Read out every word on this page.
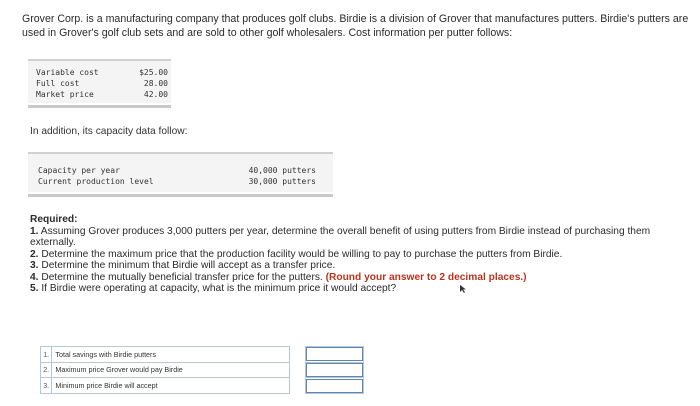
Grover Corp. is a manufacturing company that produces golf clubs. Birdie is a division of Grover that manufactures putters. Birdie's putters are used in Grover's golf club sets and are sold to other golf wholesalers. Cost information per putter follows:
Variable cost	$25.00
Full cost	28.00
Market price	42.00
In addition, its capacity data follow:
Capacity per year	40,000 putters
Current production level	30,000 putters
Required:

1. Assuming Grover produces 3,000 putters per year, determine the overall benefit of using putters from Birdie instead of purchasing them externally.

2. Determine the maximum price that the production facility would be willing to pay to purchase the putters from Birdie.

3. Determine the minimum that Birdie will accept as a transfer price.

4. Determine the mutually beneficial transfer price for the putters. (Round your answer to 2 decimal places.)

5. If Birdie were operating at capacity, what is the minimum price it would accept?

1.	Total savings with Birdie putters		

2.	Maximum price Grover would pay Birdie		

3.	Minimum price Birdie will accept		
